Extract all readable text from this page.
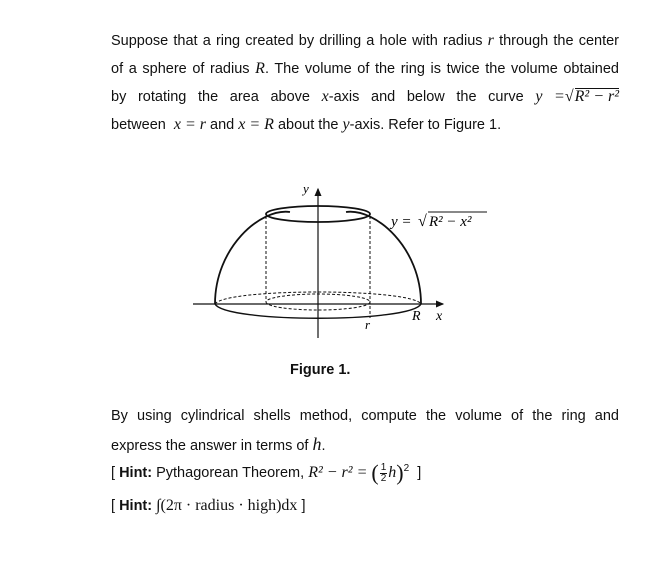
Suppose that a ring created by drilling a hole with radius r through the center
of a sphere of radius R. The volume of the ring is twice the volume obtained
by rotating the area above x-axis and below the curve y =√R² − r²
between x = r and x = R about the y-axis. Refer to Figure 1.
y
x
R
r
y = √ R² − x²
Figure 1.
By using cylindrical shells method, compute the volume of the ring and
express the answer in terms of h.
[ Hint: Pythagorean Theorem, R² − r² = ( $\frac{1}{2} h)^2$ ]
[ Hint: ∫(2π · radius · high)dx ]
